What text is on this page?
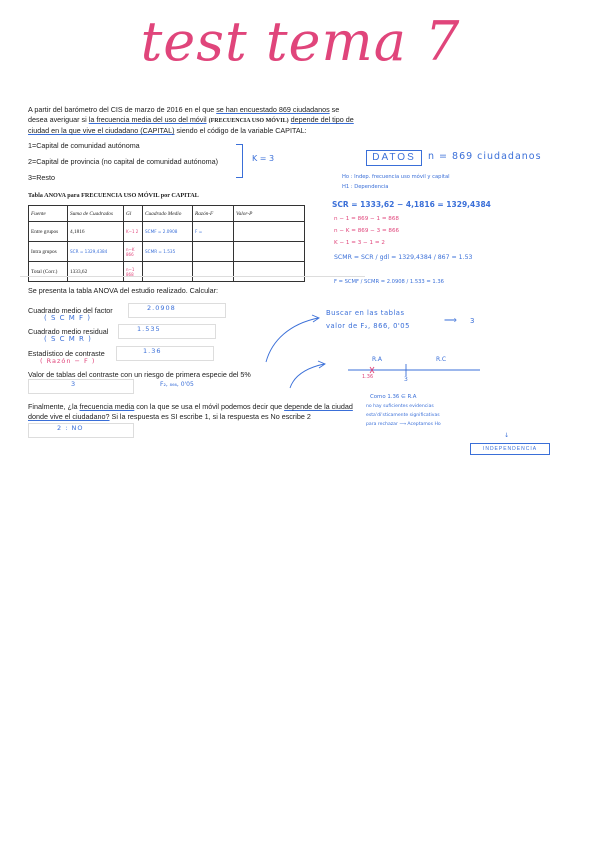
test tema 7
A partir del barómetro del CIS de marzo de 2016 en el que se han encuestado 869 ciudadanos se desea averiguar si la frecuencia media del uso del móvil (FRECUENCIA USO MÓVIL) depende del tipo de ciudad en la que vive el ciudadano (CAPITAL) siendo el código de la variable CAPITAL:
1=Capital de comunidad autónoma
2=Capital de provincia (no capital de comunidad autónoma)
3=Resto
K = 3
Tabla ANOVA para FRECUENCIA USO MÓVIL por CAPITAL
Fuente	Suma de Cuadrados	Gl	Cuadrado Medio	Razón-F	Valor-P
Entre grupos	4,1816	K−1 2	SCMF = 2.0908	F =	
Intra grupos	SCR = 1329,4384	n−K 866	SCMR = 1.535		
Total (Corr.)	1333,62	n−1 868			
Se presenta la tabla ANOVA del estudio realizado. Calcular:
Cuadrado medio del factor
( S C M F )
2.0908
Cuadrado medio residual
( S C M R )
1.535
Estadístico de contraste
( Razón − F )
1.36
Valor de tablas del contraste con un riesgo de primera especie del 5%
3	F₂, ₈₆₆, 0'05
Finalmente, ¿la frecuencia media con la que se usa el móvil podemos decir que depende de la ciudad donde vive el ciudadano? Si la respuesta es SI escribe 1, si la respuesta es No escribe 2
2 : NO
DATOS	n = 869 ciudadanos
Ho : Indep. frecuencia uso móvil y capital
H1 : Dependencia
SCR = 1333,62 − 4,1816 = 1329,4384
n − 1 = 869 − 1 = 868
n − K = 869 − 3 = 866
K − 1 = 3 − 1 = 2
SCMR = SCR / gdl = 1329,4384 / 867 = 1.53
F = SCMF / SCMR = 2.0908 / 1.533 = 1.36
Buscar en las tablas
valor de F₂, 866, 0'05	⟹ 3
R.A	R.C
1.36	3
Como 1.36 ∈ R.A
no hay suficientes evidencias
esta'di'sticamente significativas
para rechazar ⟶ Aceptamos Ho
↓
INDEPENDENCIA
